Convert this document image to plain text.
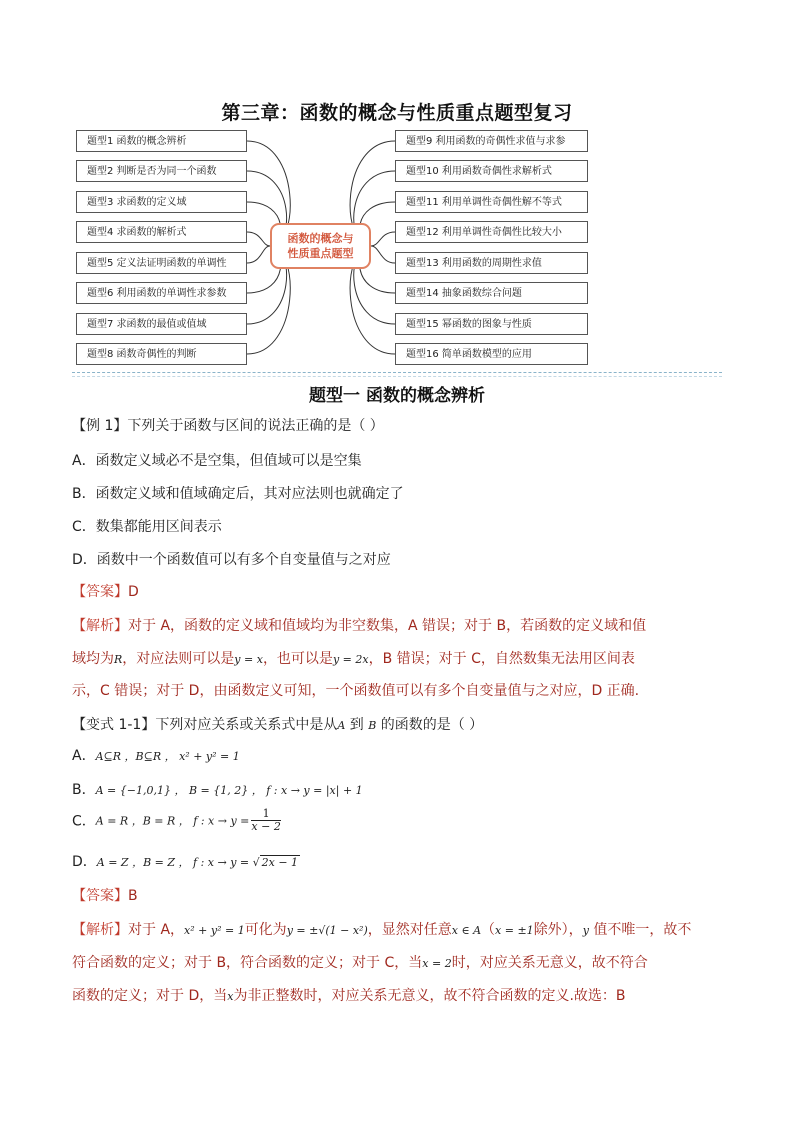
第三章：函数的概念与性质重点题型复习
题型1 函数的概念辨析
题型2 判断是否为同一个函数
题型3 求函数的定义域
题型4 求函数的解析式
题型5 定义法证明函数的单调性
题型6 利用函数的单调性求参数
题型7 求函数的最值或值域
题型8 函数奇偶性的判断
题型9 利用函数的奇偶性求值与求参
题型10 利用函数奇偶性求解析式
题型11 利用单调性奇偶性解不等式
题型12 利用单调性奇偶性比较大小
题型13 利用函数的周期性求值
题型14 抽象函数综合问题
题型15 幂函数的图象与性质
题型16 简单函数模型的应用
函数的概念与
性质重点题型
题型一 函数的概念辨析
【例 1】下列关于函数与区间的说法正确的是（ ）
A．函数定义域必不是空集，但值域可以是空集
B．函数定义域和值域确定后，其对应法则也就确定了
C．数集都能用区间表示
D．函数中一个函数值可以有多个自变量值与之对应
【答案】D
【解析】对于 A，函数的定义域和值域均为非空数集，A 错误；对于 B，若函数的定义域和值
域均为R，对应法则可以是y = x，也可以是y = 2x，B 错误；对于 C，自然数集无法用区间表
示，C 错误；对于 D，由函数定义可知，一个函数值可以有多个自变量值与之对应，D 正确.
【变式 1-1】下列对应关系或关系式中是从A 到 B 的函数的是（ ）
A．A⊆R ，B⊆R ， x² + y² = 1
B．A = {−1,0,1} ， B = {1, 2} ， f : x → y = |x| + 1
C．A = R ，B = R ， f : $x \to y = \frac{1}{x - 2}$
D．A = Z ，B = Z ， f : x → y = √ 2x − 1
【答案】B
【解析】对于 A，x² + y² = 1可化为y = ±√(1 − x²)，显然对任意x ∈ A（x = ±1除外），y 值不唯一，故不
符合函数的定义；对于 B，符合函数的定义；对于 C，当x = 2时，对应关系无意义，故不符合
函数的定义；对于 D，当x为非正整数时，对应关系无意义，故不符合函数的定义.故选：B
